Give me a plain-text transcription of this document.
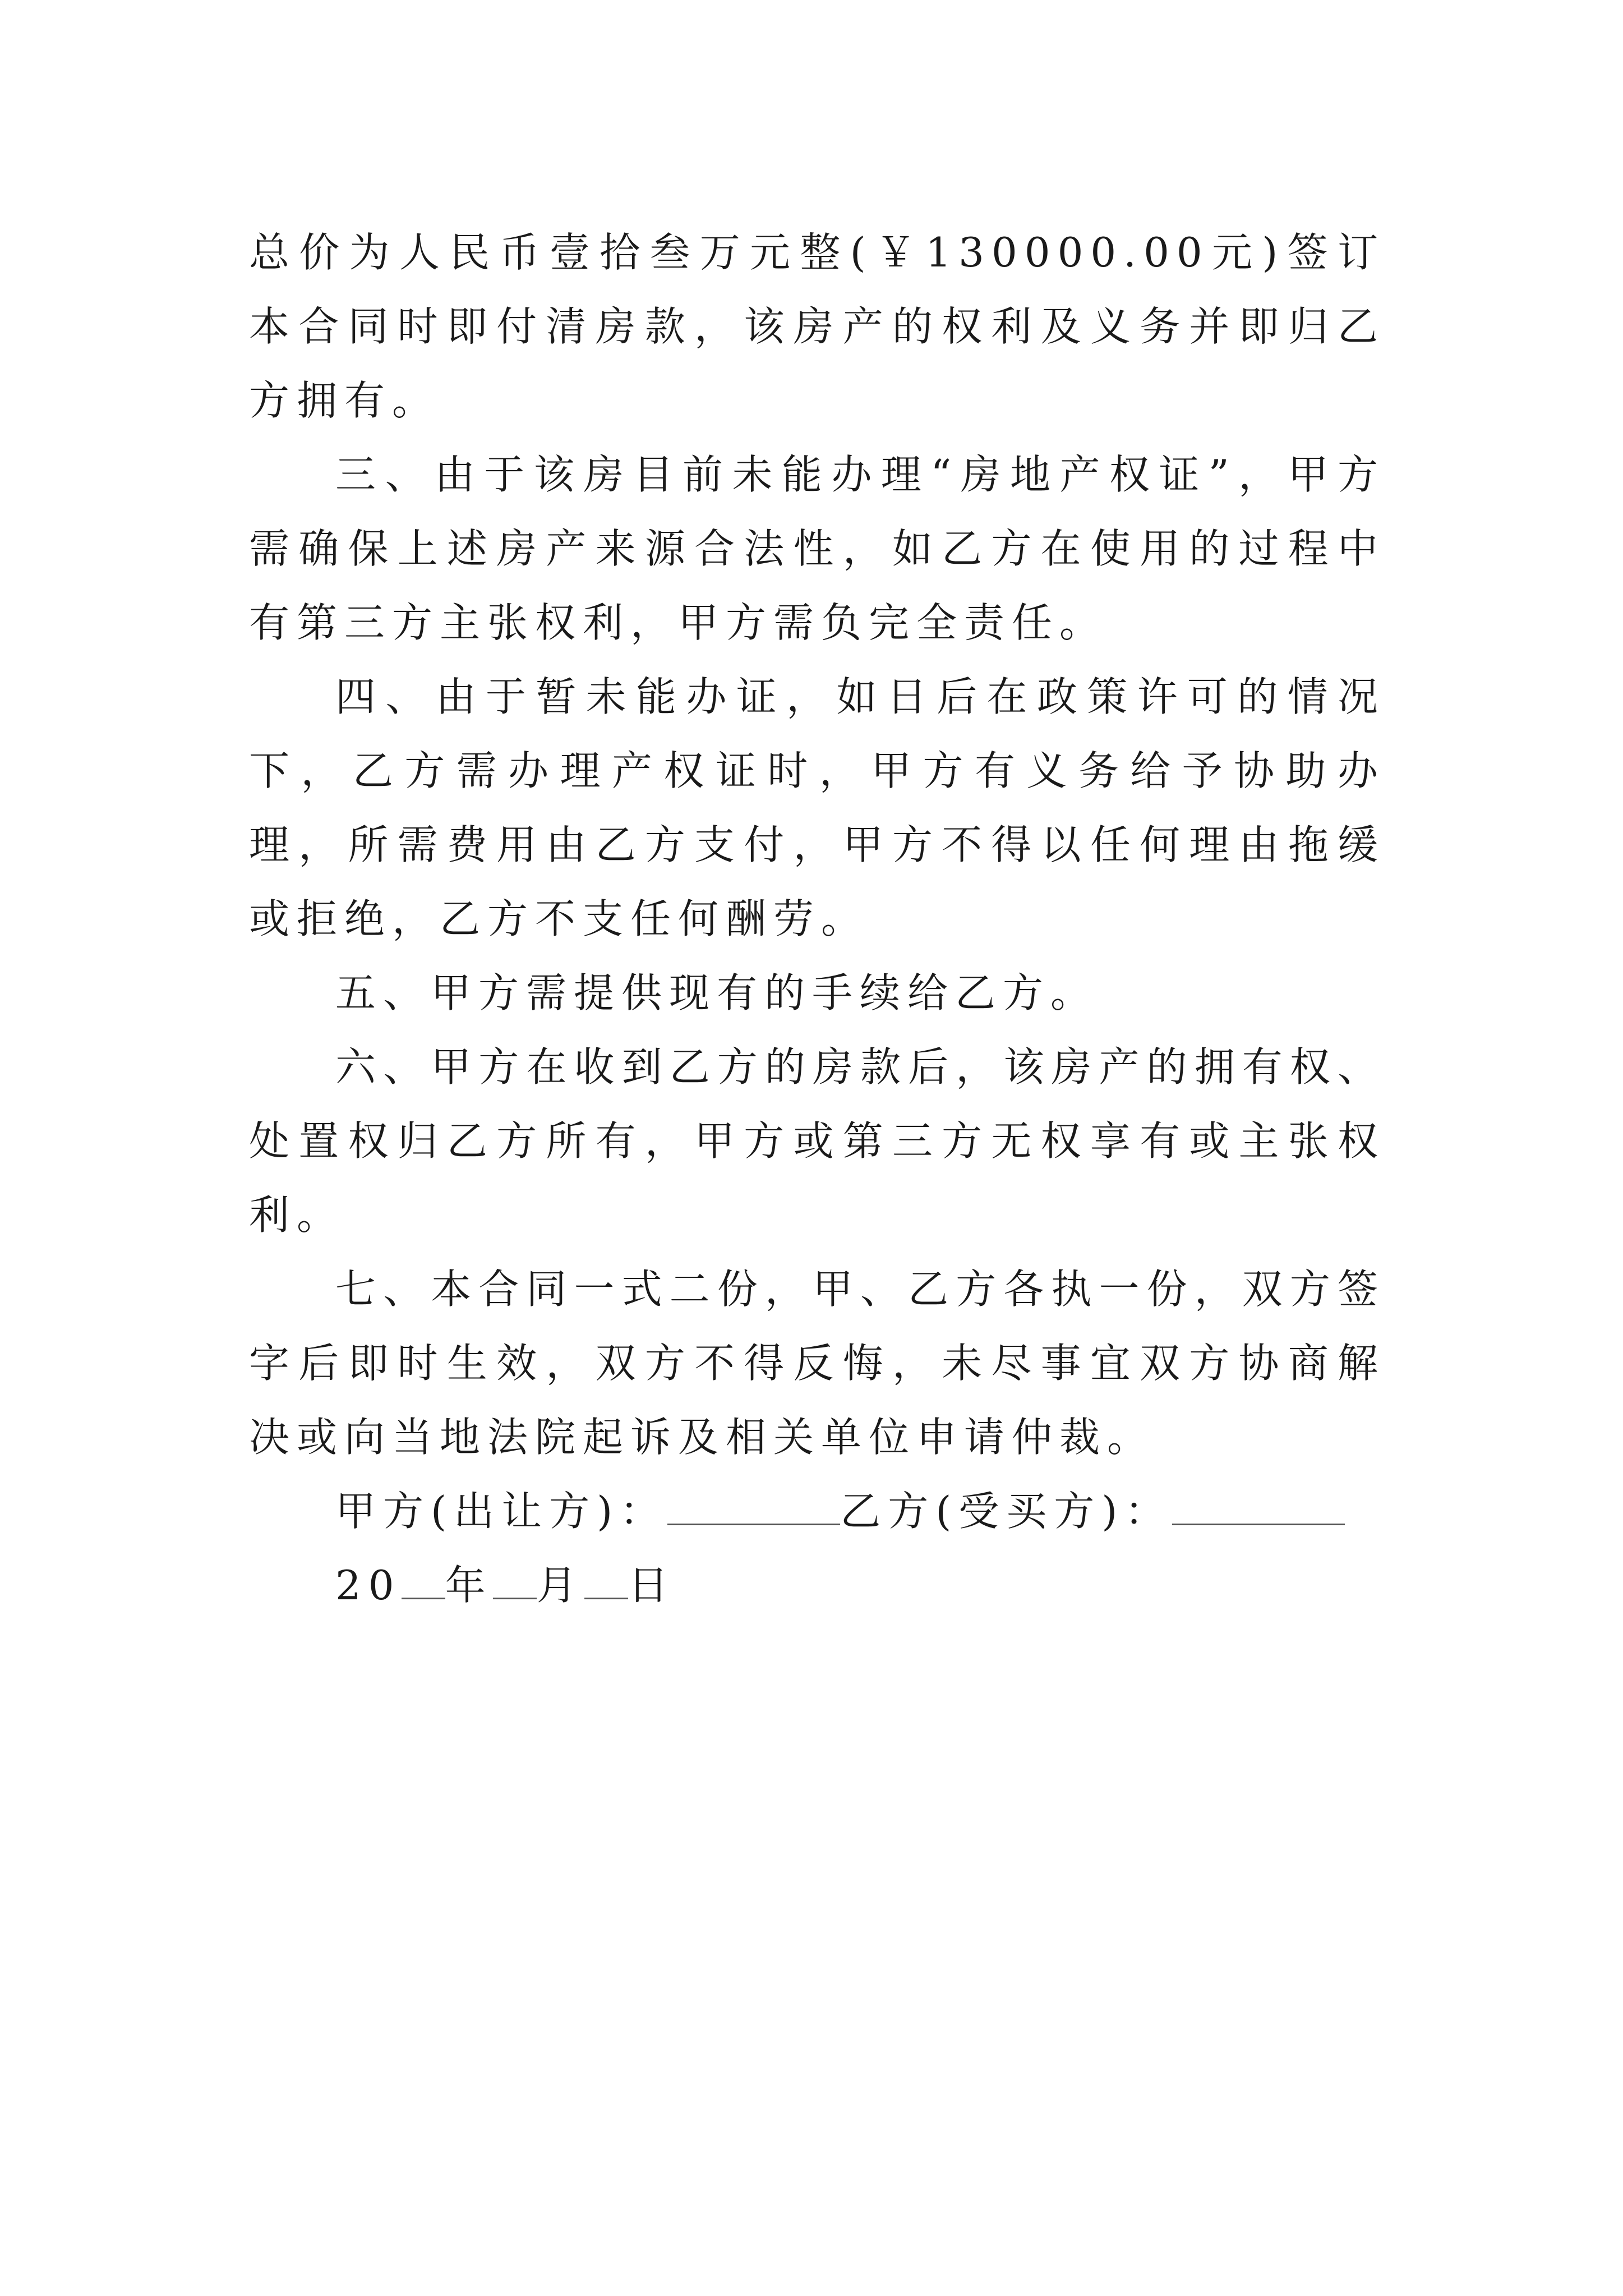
总价为人民币壹拾叁万元整(￥130000.00元)签订本合同时即付清房款，该房产的权利及义务并即归乙方拥有。

三、由于该房目前未能办理“房地产权证”，甲方需确保上述房产来源合法性，如乙方在使用的过程中有第三方主张权利，甲方需负完全责任。

四、由于暂未能办证，如日后在政策许可的情况下，乙方需办理产权证时，甲方有义务给予协助办理，所需费用由乙方支付，甲方不得以任何理由拖缓或拒绝，乙方不支任何酬劳。

五、甲方需提供现有的手续给乙方。

六、甲方在收到乙方的房款后，该房产的拥有权、处置权归乙方所有，甲方或第三方无权享有或主张权利。

七、本合同一式二份，甲、乙方各执一份，双方签字后即时生效，双方不得反悔，未尽事宜双方协商解决或向当地法院起诉及相关单位申请仲裁。

甲方(出让方)：	乙方(受买方)：

20 年 月 日
